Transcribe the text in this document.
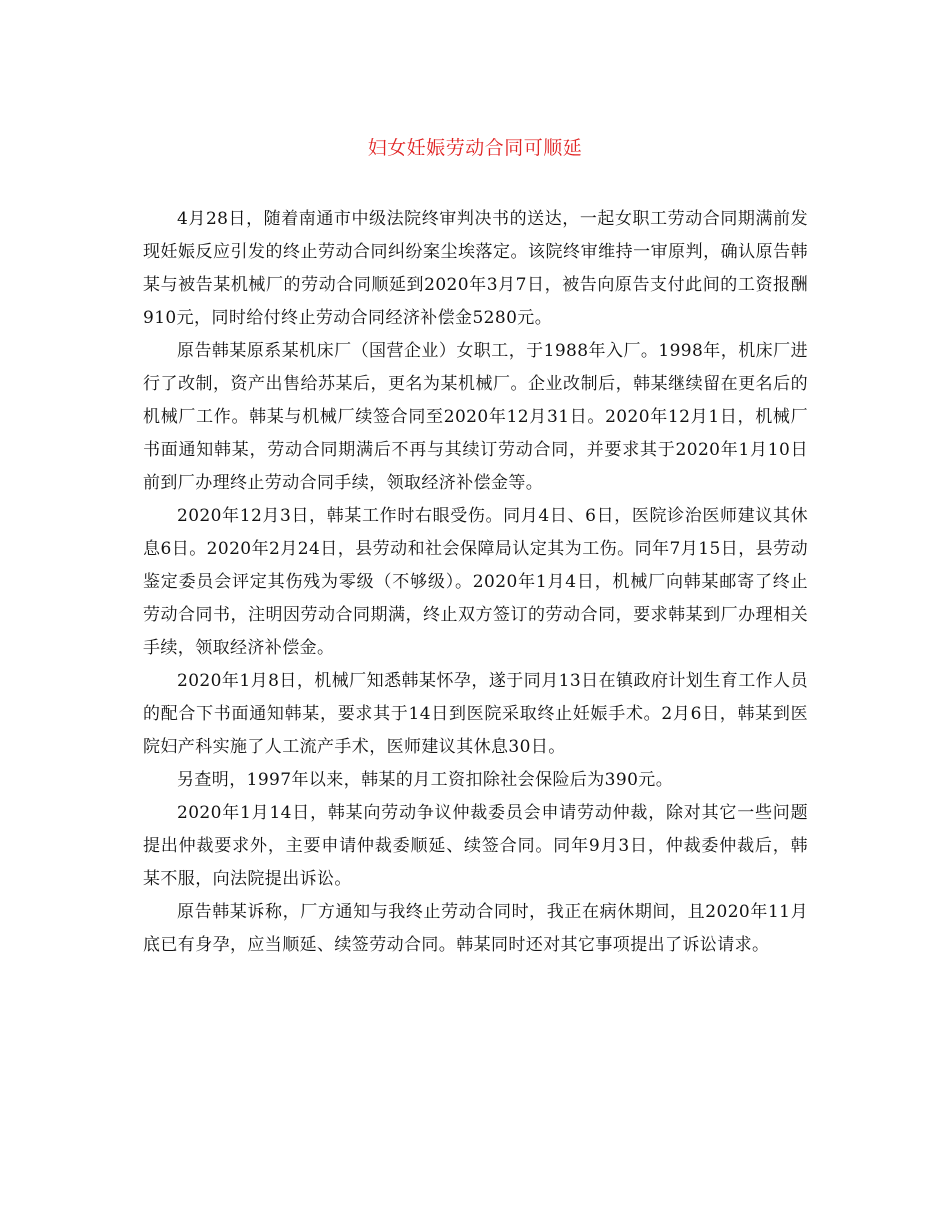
妇女妊娠劳动合同可顺延

4月28日，随着南通市中级法院终审判决书的送达，一起女职工劳动合同期满前发现妊娠反应引发的终止劳动合同纠纷案尘埃落定。该院终审维持一审原判，确认原告韩某与被告某机械厂的劳动合同顺延到2020年3月7日，被告向原告支付此间的工资报酬910元，同时给付终止劳动合同经济补偿金5280元。

原告韩某原系某机床厂（国营企业）女职工，于1988年入厂。1998年，机床厂进行了改制，资产出售给苏某后，更名为某机械厂。企业改制后，韩某继续留在更名后的机械厂工作。韩某与机械厂续签合同至2020年12月31日。2020年12月1日，机械厂书面通知韩某，劳动合同期满后不再与其续订劳动合同，并要求其于2020年1月10日前到厂办理终止劳动合同手续，领取经济补偿金等。

2020年12月3日，韩某工作时右眼受伤。同月4日、6日，医院诊治医师建议其休息6日。2020年2月24日，县劳动和社会保障局认定其为工伤。同年7月15日，县劳动鉴定委员会评定其伤残为零级（不够级）。2020年1月4日，机械厂向韩某邮寄了终止劳动合同书，注明因劳动合同期满，终止双方签订的劳动合同，要求韩某到厂办理相关手续，领取经济补偿金。

2020年1月8日，机械厂知悉韩某怀孕，遂于同月13日在镇政府计划生育工作人员的配合下书面通知韩某，要求其于14日到医院采取终止妊娠手术。2月6日，韩某到医院妇产科实施了人工流产手术，医师建议其休息30日。

另查明，1997年以来，韩某的月工资扣除社会保险后为390元。

2020年1月14日，韩某向劳动争议仲裁委员会申请劳动仲裁，除对其它一些问题提出仲裁要求外，主要申请仲裁委顺延、续签合同。同年9月3日，仲裁委仲裁后，韩某不服，向法院提出诉讼。

原告韩某诉称，厂方通知与我终止劳动合同时，我正在病休期间，且2020年11月底已有身孕，应当顺延、续签劳动合同。韩某同时还对其它事项提出了诉讼请求。
